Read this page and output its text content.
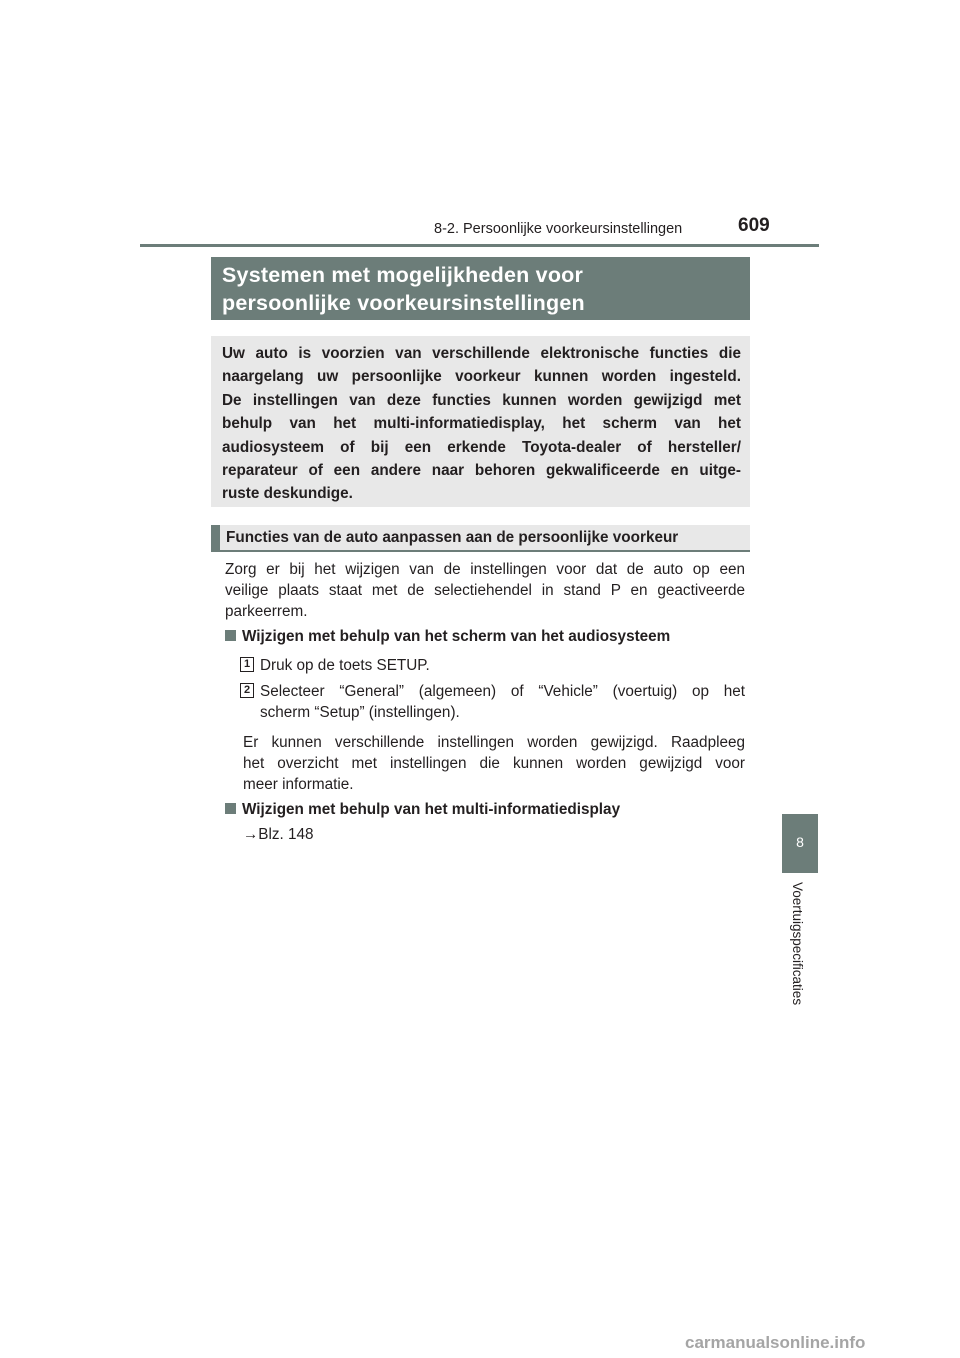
8-2. Persoonlijke voorkeursinstellingen	609
Systemen met mogelijkheden voor
persoonlijke voorkeursinstellingen
Uw auto is voorzien van verschillende elektronische functies die
naargelang uw persoonlijke voorkeur kunnen worden ingesteld.
De instellingen van deze functies kunnen worden gewijzigd met
behulp van het multi-informatiedisplay, het scherm van het
audiosysteem of bij een erkende Toyota-dealer of hersteller/
reparateur of een andere naar behoren gekwalificeerde en uitge-
ruste deskundige.
Functies van de auto aanpassen aan de persoonlijke voorkeur
Zorg er bij het wijzigen van de instellingen voor dat de auto op een
veilige plaats staat met de selectiehendel in stand P en geactiveerde
parkeerrem.
Wijzigen met behulp van het scherm van het audiosysteem
1 Druk op de toets SETUP.
2 Selecteer “General” (algemeen) of “Vehicle” (voertuig) op het
scherm “Setup” (instellingen).
Er kunnen verschillende instellingen worden gewijzigd. Raadpleeg
het overzicht met instellingen die kunnen worden gewijzigd voor
meer informatie.
Wijzigen met behulp van het multi-informatiedisplay
→Blz. 148	8
Voertuigspecificaties
carmanualsonline.info
